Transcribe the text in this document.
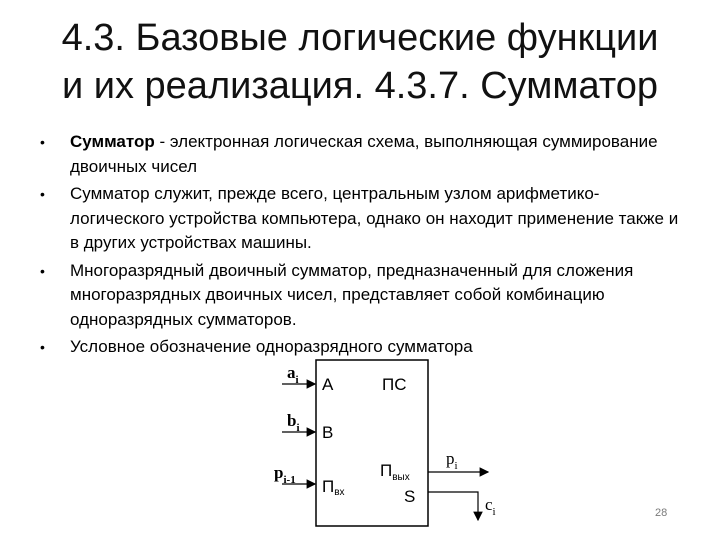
4.3. Базовые логические функции
и их реализация. 4.3.7. Сумматор
• Сумматор - электронная логическая схема, выполняющая суммирование двоичных чисел
• Сумматор служит, прежде всего, центральным узлом арифметико-логического устройства компьютера, однако он находит применение также и в других устройствах машины.
• Многоразрядный двоичный сумматор, предназначенный для сложения многоразрядных двоичных чисел, представляет собой комбинацию одноразрядных сумматоров.
• Условное обозначение одноразрядного сумматора
$a_i$ A
$b_i$ B
$p_{i-1}$ Пвх
ПС
$П_{вых}$
$p_i$
S	$c_i$	28
